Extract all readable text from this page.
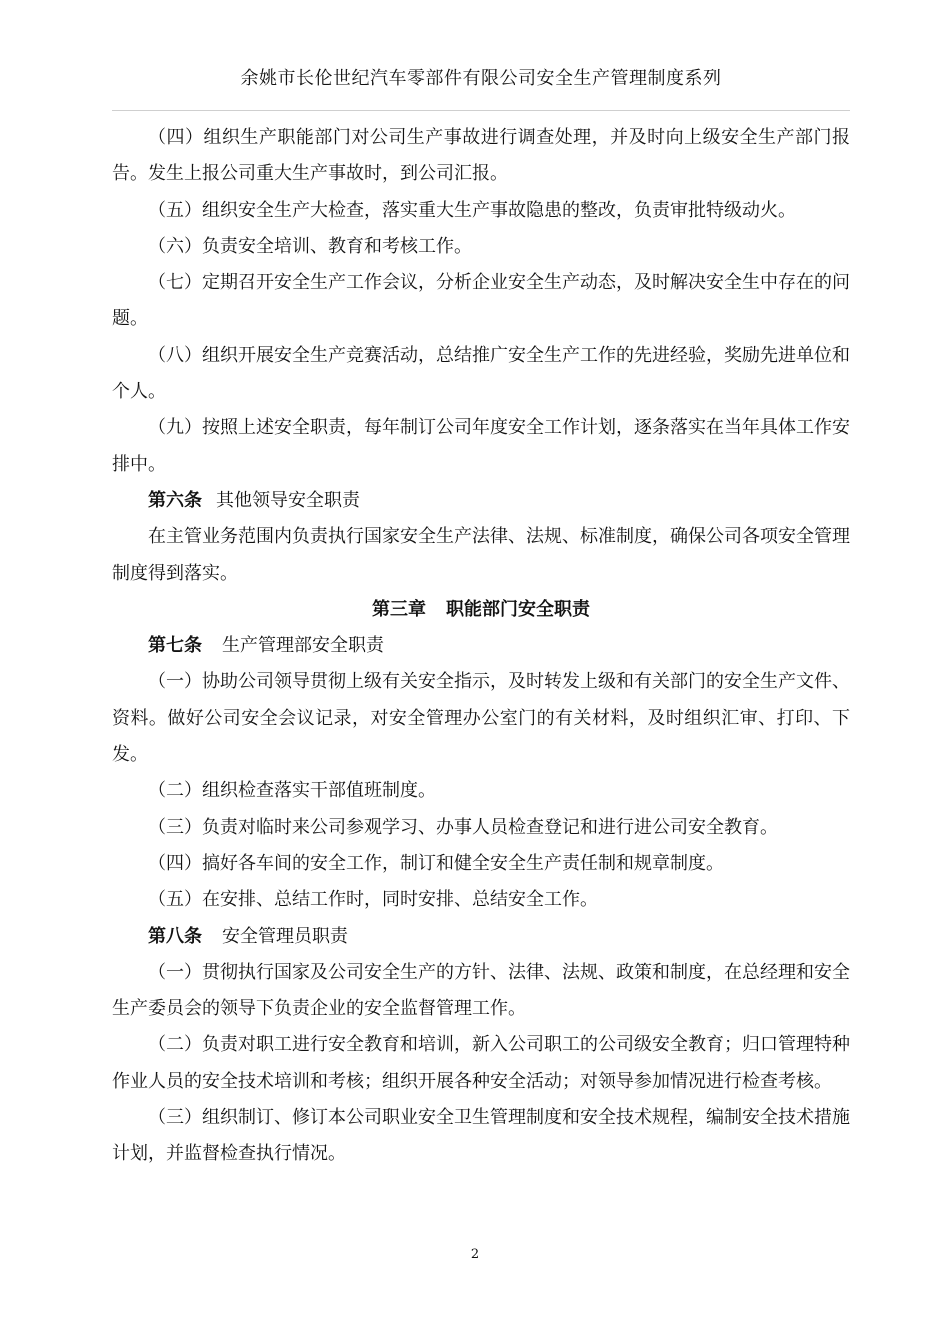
余姚市长伦世纪汽车零部件有限公司安全生产管理制度系列

（四）组织生产职能部门对公司生产事故进行调查处理，并及时向上级安全生产部门报告。发生上报公司重大生产事故时，到公司汇报。

（五）组织安全生产大检查，落实重大生产事故隐患的整改，负责审批特级动火。

（六）负责安全培训、教育和考核工作。

（七）定期召开安全生产工作会议，分析企业安全生产动态，及时解决安全生中存在的问题。

（八）组织开展安全生产竞赛活动，总结推广安全生产工作的先进经验，奖励先进单位和个人。

（九）按照上述安全职责，每年制订公司年度安全工作计划，逐条落实在当年具体工作安排中。

第六条 其他领导安全职责

在主管业务范围内负责执行国家安全生产法律、法规、标准制度，确保公司各项安全管理制度得到落实。

第三章 职能部门安全职责

第七条 生产管理部安全职责

（一）协助公司领导贯彻上级有关安全指示，及时转发上级和有关部门的安全生产文件、资料。做好公司安全会议记录，对安全管理办公室门的有关材料，及时组织汇审、打印、下发。

（二）组织检查落实干部值班制度。

（三）负责对临时来公司参观学习、办事人员检查登记和进行进公司安全教育。

（四）搞好各车间的安全工作，制订和健全安全生产责任制和规章制度。

（五）在安排、总结工作时，同时安排、总结安全工作。

第八条 安全管理员职责

（一）贯彻执行国家及公司安全生产的方针、法律、法规、政策和制度，在总经理和安全生产委员会的领导下负责企业的安全监督管理工作。

（二）负责对职工进行安全教育和培训，新入公司职工的公司级安全教育；归口管理特种作业人员的安全技术培训和考核；组织开展各种安全活动；对领导参加情况进行检查考核。

（三）组织制订、修订本公司职业安全卫生管理制度和安全技术规程，编制安全技术措施计划，并监督检查执行情况。

2
